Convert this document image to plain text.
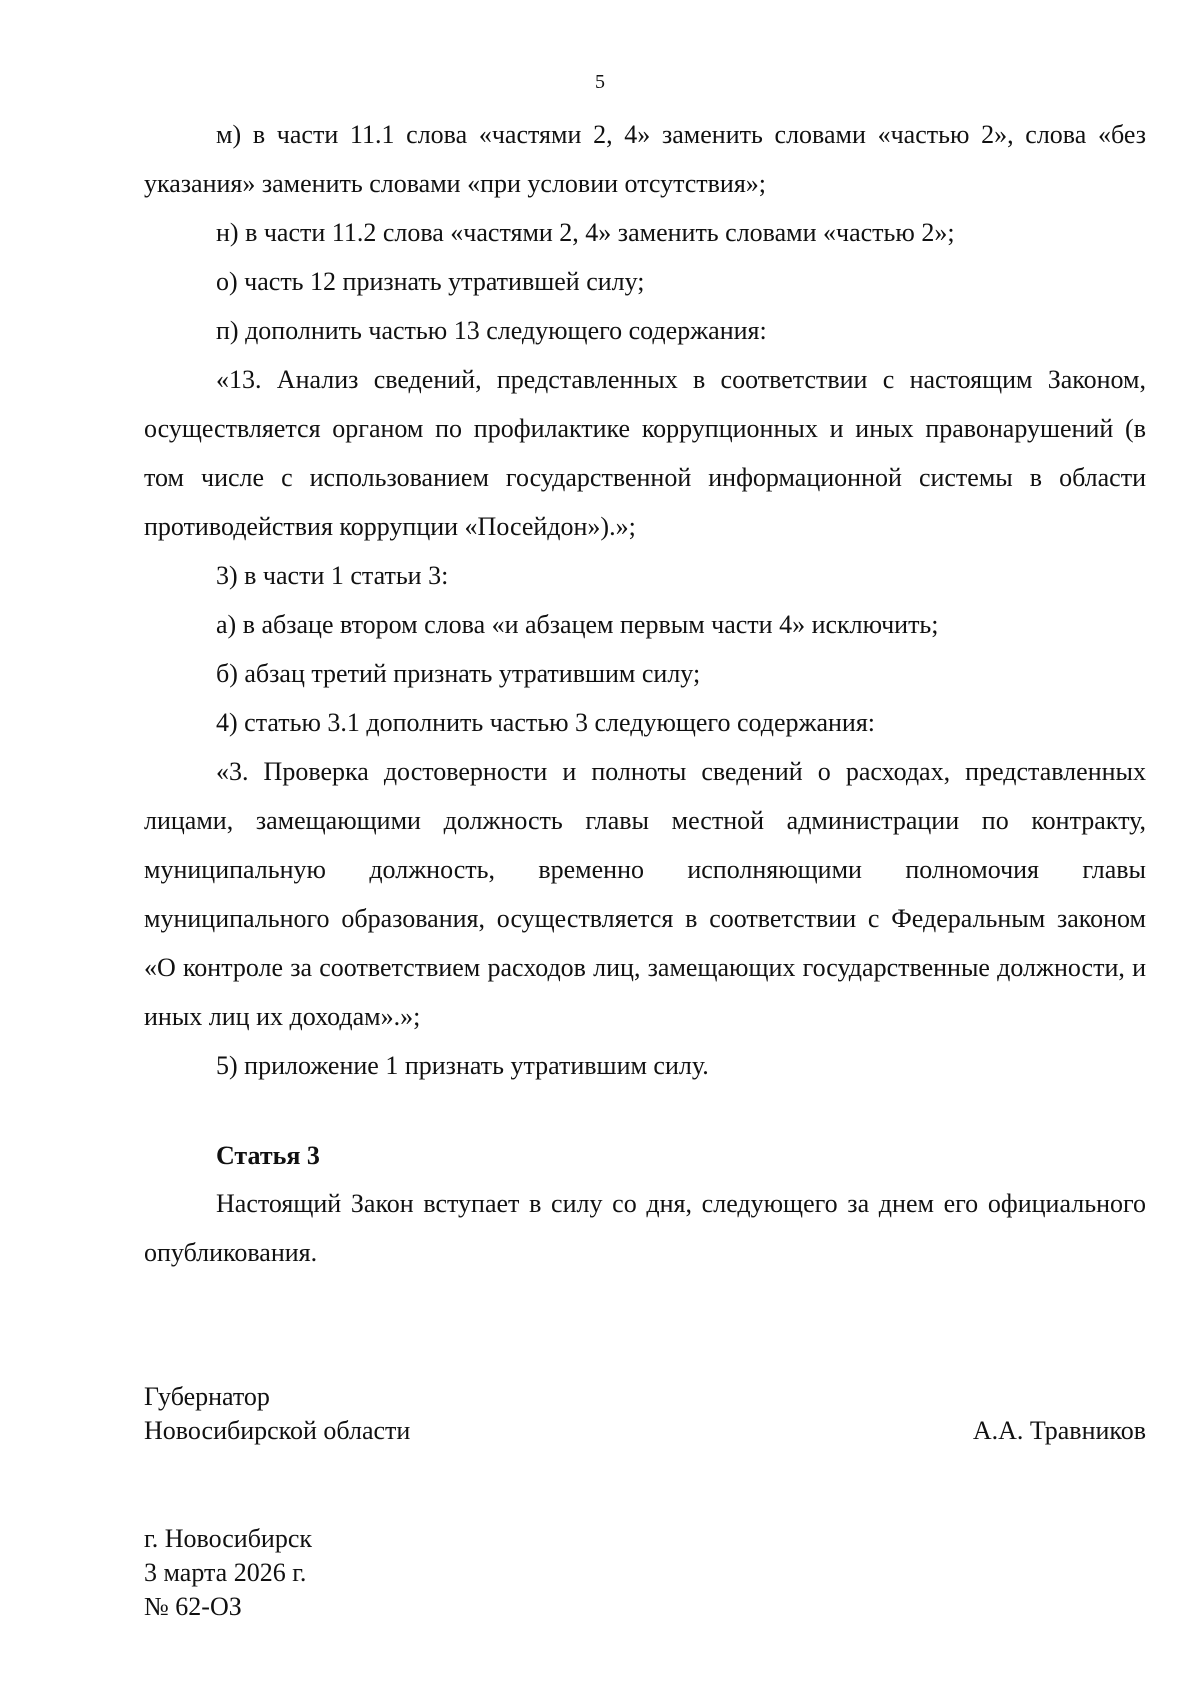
5

м) в части 11.1 слова «частями 2, 4» заменить словами «частью 2», слова «без указания» заменить словами «при условии отсутствия»;

н) в части 11.2 слова «частями 2, 4» заменить словами «частью 2»;

о) часть 12 признать утратившей силу;

п) дополнить частью 13 следующего содержания:

«13. Анализ сведений, представленных в соответствии с настоящим Законом, осуществляется органом по профилактике коррупционных и иных правонарушений (в том числе с использованием государственной информационной системы в области противодействия коррупции «Посейдон»).»;

3) в части 1 статьи 3:

а) в абзаце втором слова «и абзацем первым части 4» исключить;

б) абзац третий признать утратившим силу;

4) статью 3.1 дополнить частью 3 следующего содержания:

«3. Проверка достоверности и полноты сведений о расходах, представленных лицами, замещающими должность главы местной администрации по контракту, муниципальную должность, временно исполняющими полномочия главы муниципального образования, осуществляется в соответствии с Федеральным законом «О контроле за соответствием расходов лиц, замещающих государственные должности, и иных лиц их доходам».»;

5) приложение 1 признать утратившим силу.

Статья 3

Настоящий Закон вступает в силу со дня, следующего за днем его официального опубликования.

Губернатор
Новосибирской области	А.А. Травников
г. Новосибирск
3 марта 2026 г.
№ 62-ОЗ
